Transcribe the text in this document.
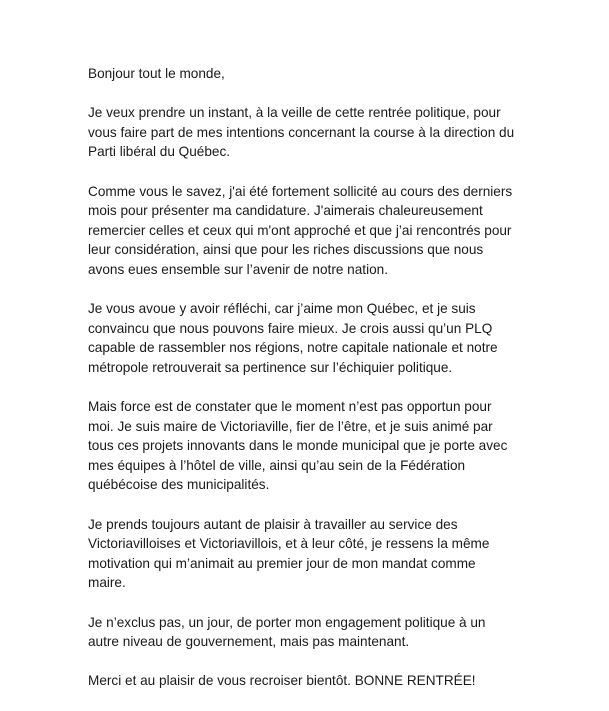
Bonjour tout le monde,

Je veux prendre un instant, à la veille de cette rentrée politique, pour
vous faire part de mes intentions concernant la course à la direction du
Parti libéral du Québec.

Comme vous le savez, j'ai été fortement sollicité au cours des derniers
mois pour présenter ma candidature. J'aimerais chaleureusement
remercier celles et ceux qui m'ont approché et que j’ai rencontrés pour
leur considération, ainsi que pour les riches discussions que nous
avons eues ensemble sur l’avenir de notre nation.

Je vous avoue y avoir réfléchi, car j’aime mon Québec, et je suis
convaincu que nous pouvons faire mieux. Je crois aussi qu’un PLQ
capable de rassembler nos régions, notre capitale nationale et notre
métropole retrouverait sa pertinence sur l’échiquier politique.

Mais force est de constater que le moment n’est pas opportun pour
moi. Je suis maire de Victoriaville, fier de l’être, et je suis animé par
tous ces projets innovants dans le monde municipal que je porte avec
mes équipes à l’hôtel de ville, ainsi qu’au sein de la Fédération
québécoise des municipalités.

Je prends toujours autant de plaisir à travailler au service des
Victoriavilloises et Victoriavillois, et à leur côté, je ressens la même
motivation qui m’animait au premier jour de mon mandat comme
maire.

Je n’exclus pas, un jour, de porter mon engagement politique à un
autre niveau de gouvernement, mais pas maintenant.

Merci et au plaisir de vous recroiser bientôt. BONNE RENTRÉE!
